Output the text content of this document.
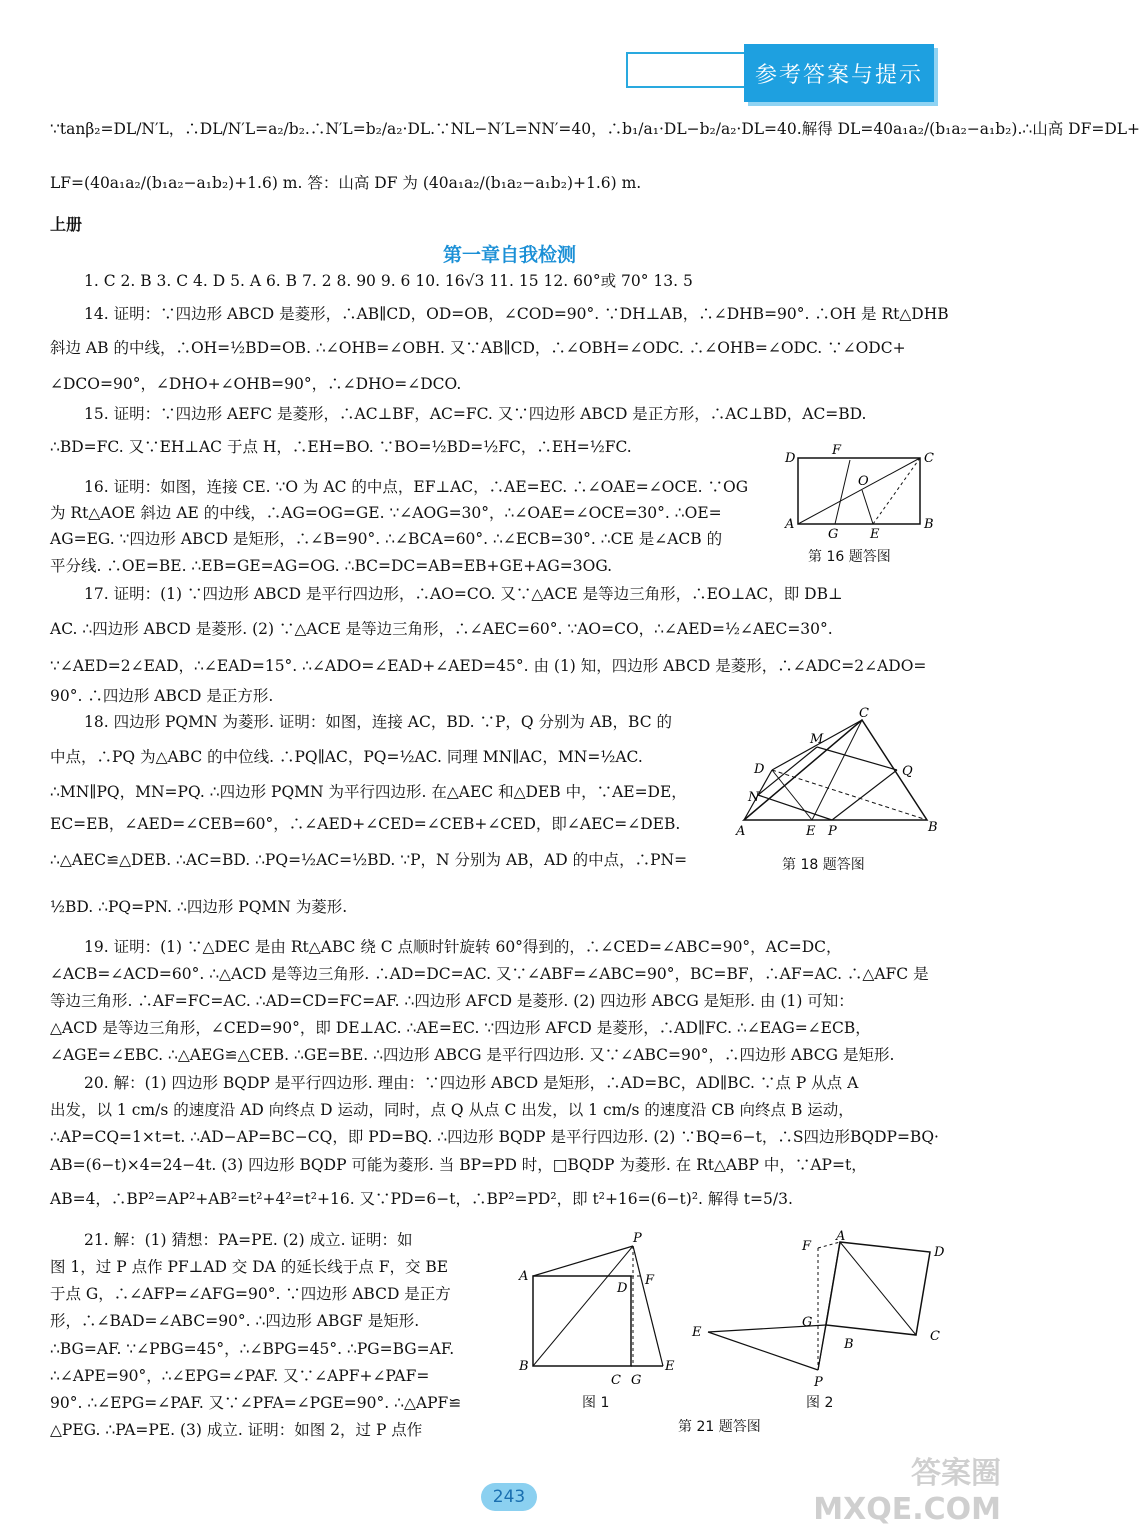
参考答案与提示
∵tanβ₂=DL/N′L，∴DL/N′L=a₂/b₂.∴N′L=b₂/a₂·DL.∵NL−N′L=NN′=40，∴b₁/a₁·DL−b₂/a₂·DL=40.解得 DL=40a₁a₂/(b₁a₂−a₁b₂).∴山高 DF=DL+
LF=(40a₁a₂/(b₁a₂−a₁b₂)+1.6) m. 答：山高 DF 为 (40a₁a₂/(b₁a₂−a₁b₂)+1.6) m.
上册
第一章自我检测
1. C 2. B 3. C 4. D 5. A 6. B 7. 2 8. 90 9. 6 10. 16√3 11. 15 12. 60°或 70° 13. 5
14. 证明：∵四边形 ABCD 是菱形，∴AB∥CD，OD=OB，∠COD=90°. ∵DH⊥AB，∴∠DHB=90°. ∴OH 是 Rt△DHB
斜边 AB 的中线，∴OH=½BD=OB. ∴∠OHB=∠OBH. 又∵AB∥CD，∴∠OBH=∠ODC. ∴∠OHB=∠ODC. ∵∠ODC+
∠DCO=90°，∠DHO+∠OHB=90°，∴∠DHO=∠DCO.
15. 证明：∵四边形 AEFC 是菱形，∴AC⊥BF，AC=FC. 又∵四边形 ABCD 是正方形，∴AC⊥BD，AC=BD.
∴BD=FC. 又∵EH⊥AC 于点 H，∴EH=BO. ∵BO=½BD=½FC，∴EH=½FC.
16. 证明：如图，连接 CE. ∵O 为 AC 的中点，EF⊥AC，∴AE=EC. ∴∠OAE=∠OCE. ∵OG
为 Rt△AOE 斜边 AE 的中线，∴AG=OG=GE. ∵∠AOG=30°，∴∠OAE=∠OCE=30°. ∴OE=
AG=EG. ∵四边形 ABCD 是矩形，∴∠B=90°. ∴∠BCA=60°. ∴∠ECB=30°. ∴CE 是∠ACB 的
平分线. ∴OE=BE. ∴EB=GE=AG=OG. ∴BC=DC=AB=EB+GE+AG=3OG.
17. 证明：(1) ∵四边形 ABCD 是平行四边形，∴AO=CO. 又∵△ACE 是等边三角形，∴EO⊥AC，即 DB⊥
AC. ∴四边形 ABCD 是菱形. (2) ∵△ACE 是等边三角形，∴∠AEC=60°. ∵AO=CO，∴∠AED=½∠AEC=30°.
∵∠AED=2∠EAD，∴∠EAD=15°. ∴∠ADO=∠EAD+∠AED=45°. 由 (1) 知，四边形 ABCD 是菱形，∴∠ADC=2∠ADO=
90°. ∴四边形 ABCD 是正方形.
18. 四边形 PQMN 为菱形. 证明：如图，连接 AC，BD. ∵P，Q 分别为 AB，BC 的
中点，∴PQ 为△ABC 的中位线. ∴PQ∥AC，PQ=½AC. 同理 MN∥AC，MN=½AC.
∴MN∥PQ，MN=PQ. ∴四边形 PQMN 为平行四边形. 在△AEC 和△DEB 中，∵AE=DE，
EC=EB，∠AED=∠CEB=60°，∴∠AED+∠CED=∠CEB+∠CED，即∠AEC=∠DEB.
∴△AEC≌△DEB. ∴AC=BD. ∴PQ=½AC=½BD. ∵P，N 分别为 AB，AD 的中点，∴PN=
½BD. ∴PQ=PN. ∴四边形 PQMN 为菱形.
19. 证明：(1) ∵△DEC 是由 Rt△ABC 绕 C 点顺时针旋转 60°得到的，∴∠CED=∠ABC=90°，AC=DC，
∠ACB=∠ACD=60°. ∴△ACD 是等边三角形. ∴AD=DC=AC. 又∵∠ABF=∠ABC=90°，BC=BF，∴AF=AC. ∴△AFC 是
等边三角形. ∴AF=FC=AC. ∴AD=CD=FC=AF. ∴四边形 AFCD 是菱形. (2) 四边形 ABCG 是矩形. 由 (1) 可知：
△ACD 是等边三角形，∠CED=90°，即 DE⊥AC. ∴AE=EC. ∵四边形 AFCD 是菱形，∴AD∥FC. ∴∠EAG=∠ECB，
∠AGE=∠EBC. ∴△AEG≌△CEB. ∴GE=BE. ∴四边形 ABCG 是平行四边形. 又∵∠ABC=90°，∴四边形 ABCG 是矩形.
20. 解：(1) 四边形 BQDP 是平行四边形. 理由：∵四边形 ABCD 是矩形，∴AD=BC，AD∥BC. ∵点 P 从点 A
出发，以 1 cm/s 的速度沿 AD 向终点 D 运动，同时，点 Q 从点 C 出发，以 1 cm/s 的速度沿 CB 向终点 B 运动，
∴AP=CQ=1×t=t. ∴AD−AP=BC−CQ，即 PD=BQ. ∴四边形 BQDP 是平行四边形. (2) ∵BQ=6−t，∴S四边形BQDP=BQ·
AB=(6−t)×4=24−4t. (3) 四边形 BQDP 可能为菱形. 当 BP=PD 时，□BQDP 为菱形. 在 Rt△ABP 中，∵AP=t，
AB=4，∴BP²=AP²+AB²=t²+4²=t²+16. 又∵PD=6−t，∴BP²=PD²，即 t²+16=(6−t)². 解得 t=5/3.
21. 解：(1) 猜想：PA=PE. (2) 成立. 证明：如
图 1，过 P 点作 PF⊥AD 交 DA 的延长线于点 F，交 BE
于点 G，∴∠AFP=∠AFG=90°. ∵四边形 ABCD 是正方
形，∴∠BAD=∠ABC=90°. ∴四边形 ABGF 是矩形.
∴BG=AF. ∵∠PBG=45°，∴∠BPG=45°. ∴PG=BG=AF.
∴∠APE=90°，∴∠EPG=∠PAF. 又∵∠APF+∠PAF=
90°. ∴∠EPG=∠PAF. 又∵∠PFA=∠PGE=90°. ∴△APF≌
△PEG. ∴PA=PE. (3) 成立. 证明：如图 2，过 P 点作
D
F
C
O
A
G E
B
第 16 题答图
C
M
D	Q
N
A	E P	B
第 18 题答图
P
A	F
D
B
C G
E
图 1
F
A
D
G
E
B
C
P
图 2
第 21 题答图
243
答案圈
MXQE.COM
